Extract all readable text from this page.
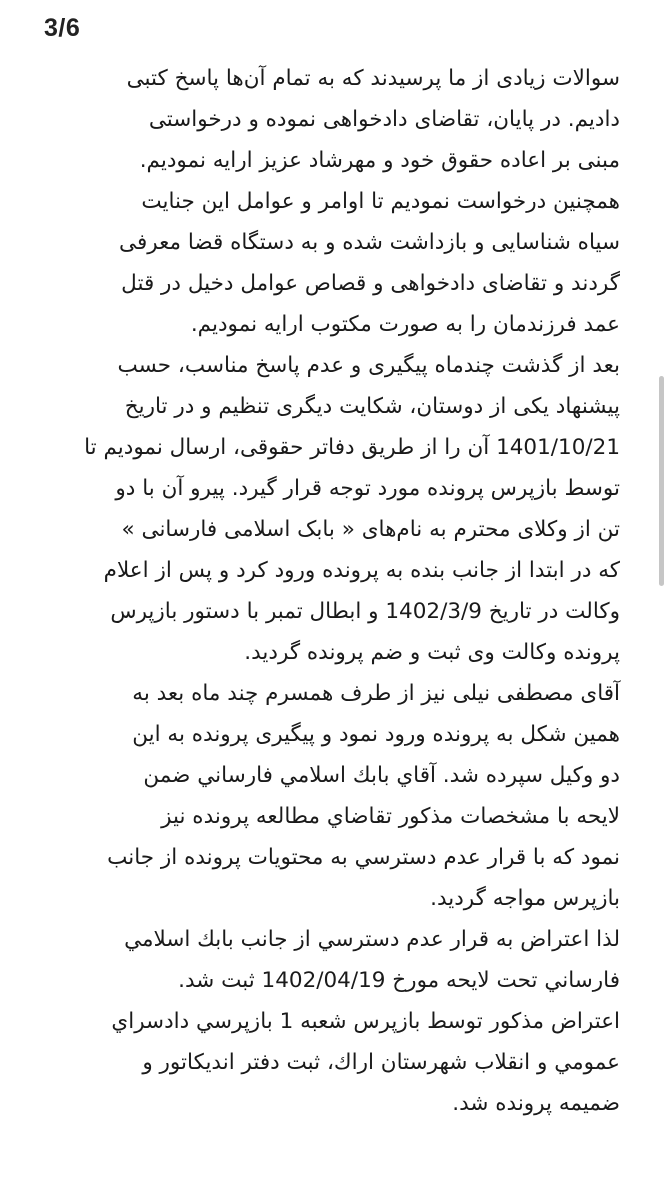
3/6
سوالات زیادی از ما پرسیدند که به تمام آن‌ها پاسخ کتبی
دادیم. در پایان، تقاضای دادخواهی نموده و درخواستی
مبنی بر اعاده حقوق خود و مهرشاد عزیز ارایه نمودیم.
همچنین درخواست نمودیم تا اوامر و عوامل این جنایت
سیاه شناسایی و بازداشت شده و به دستگاه قضا معرفی
گردند و تقاضای دادخواهی و قصاص عوامل دخیل در قتل
عمد فرزندمان را به صورت مکتوب ارایه نمودیم.
بعد از گذشت چندماه پیگیری و عدم پاسخ مناسب، حسب
پیشنهاد یکی از دوستان، شکایت دیگری تنظیم و در تاریخ
1401/10/21 آن را از طریق دفاتر حقوقی، ارسال نمودیم تا
توسط بازپرس پرونده مورد توجه قرار گیرد. پیرو آن با دو
تن از وکلای محترم به نام‌های « بابک اسلامی فارسانی »
که در ابتدا از جانب بنده به پرونده ورود کرد و پس از اعلام
وکالت در تاریخ 1402/3/9 و ابطال تمبر با دستور بازپرس
پرونده وکالت وی ثبت و ضم پرونده گردید.
آقای مصطفی نیلی نیز از طرف همسرم چند ماه بعد به
همین شکل به پرونده ورود نمود و پیگیری پرونده به این
دو وکیل سپرده شد. آقاي بابك اسلامي فارساني ضمن
لايحه با مشخصات مذكور تقاضاي مطالعه پرونده نيز
نمود كه با قرار عدم دسترسي به محتويات پرونده از جانب
بازپرس مواجه گرديد.
لذا اعتراض به قرار عدم دسترسي از جانب بابك اسلامي
فارساني تحت لايحه مورخ 1402/04/19 ثبت شد.
اعتراض مذكور توسط بازپرس شعبه 1 بازپرسي دادسراي
عمومي و انقلاب شهرستان اراك، ثبت دفتر انديكاتور و
ضميمه پرونده شد.
